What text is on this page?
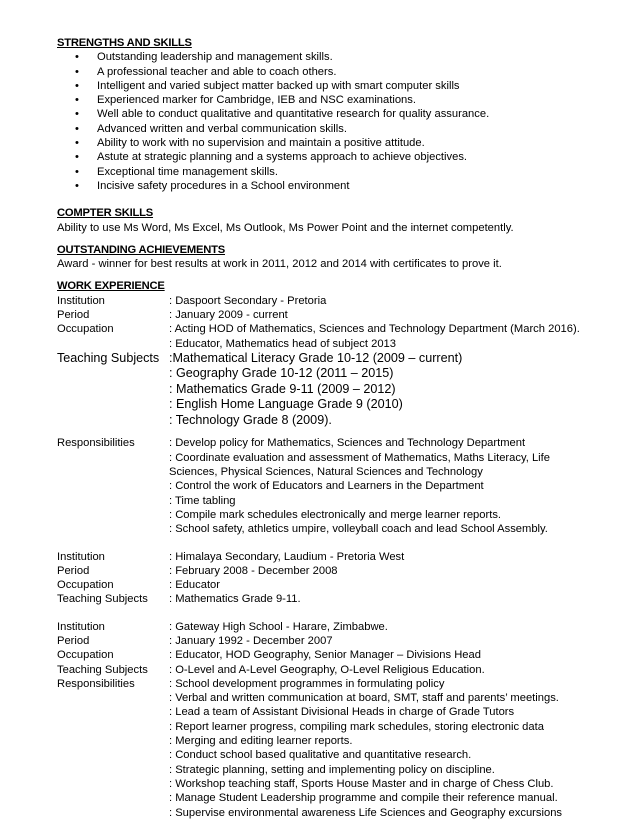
STRENGTHS AND SKILLS
• Outstanding leadership and management skills.
• A professional teacher and able to coach others.
• Intelligent and varied subject matter backed up with smart computer skills
• Experienced marker for Cambridge, IEB and NSC examinations.
• Well able to conduct qualitative and quantitative research for quality assurance.
• Advanced written and verbal communication skills.
• Ability to work with no supervision and maintain a positive attitude.
• Astute at strategic planning and a systems approach to achieve objectives.
• Exceptional time management skills.
• Incisive safety procedures in a School environment
COMPTER SKILLS
Ability to use Ms Word, Ms Excel, Ms Outlook, Ms Power Point and the internet competently.
OUTSTANDING ACHIEVEMENTS
Award - winner for best results at work in 2011, 2012 and 2014 with certificates to prove it.
WORK EXPERIENCE
Institution	: Daspoort Secondary - Pretoria
Period	: January 2009 - current
Occupation	: Acting HOD of Mathematics, Sciences and Technology Department (March 2016).
: Educator, Mathematics head of subject 2013
Teaching Subjects :Mathematical Literacy Grade 10-12 (2009 – current)
: Geography Grade 10-12 (2011 – 2015)
: Mathematics Grade 9-11 (2009 – 2012)
: English Home Language Grade 9 (2010)
: Technology Grade 8 (2009).
Responsibilities	: Develop policy for Mathematics, Sciences and Technology Department
: Coordinate evaluation and assessment of Mathematics, Maths Literacy, Life
Sciences, Physical Sciences, Natural Sciences and Technology
: Control the work of Educators and Learners in the Department
: Time tabling
: Compile mark schedules electronically and merge learner reports.
: School safety, athletics umpire, volleyball coach and lead School Assembly.
Institution	: Himalaya Secondary, Laudium - Pretoria West
Period	: February 2008 - December 2008
Occupation	: Educator
Teaching Subjects	: Mathematics Grade 9-11.
Institution	: Gateway High School - Harare, Zimbabwe.
Period	: January 1992 - December 2007
Occupation	: Educator, HOD Geography, Senior Manager – Divisions Head
Teaching Subjects	: O-Level and A-Level Geography, O-Level Religious Education.
Responsibilities	: School development programmes in formulating policy
: Verbal and written communication at board, SMT, staff and parents’ meetings.
: Lead a team of Assistant Divisional Heads in charge of Grade Tutors
: Report learner progress, compiling mark schedules, storing electronic data
: Merging and editing learner reports.
: Conduct school based qualitative and quantitative research.
: Strategic planning, setting and implementing policy on discipline.
: Workshop teaching staff, Sports House Master and in charge of Chess Club.
: Manage Student Leadership programme and compile their reference manual.
: Supervise environmental awareness Life Sciences and Geography excursions
